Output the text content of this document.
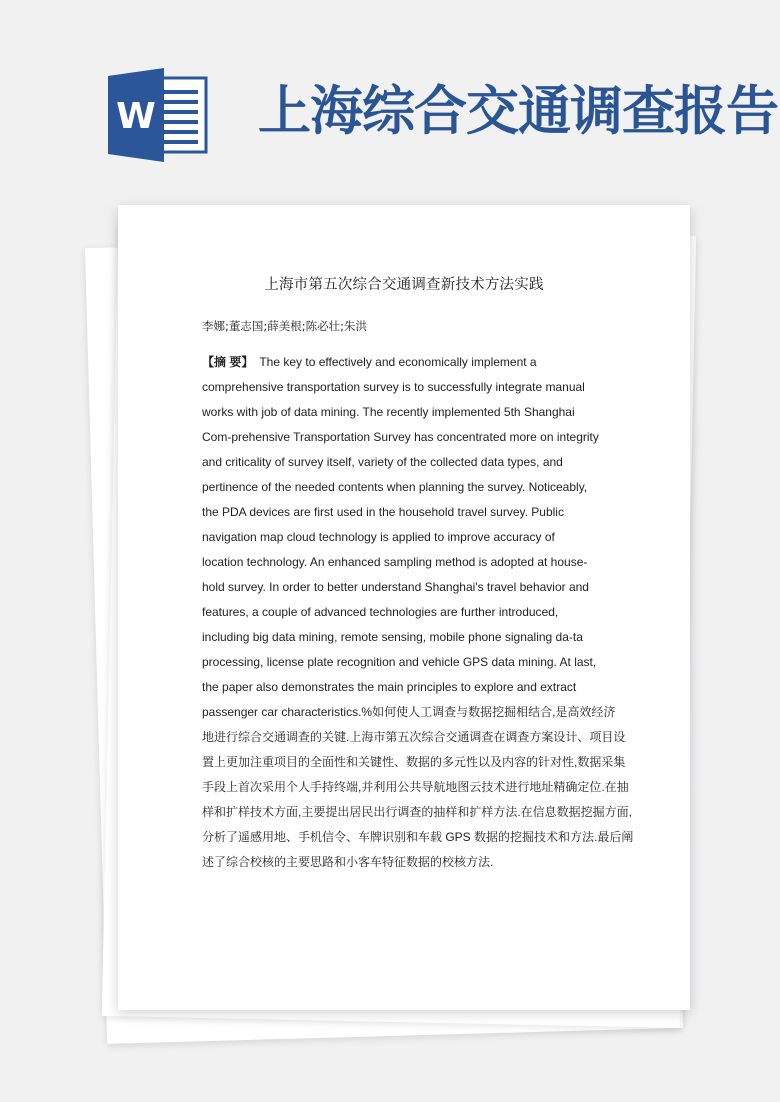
W 上海综合交通调查报告
上海市第五次综合交通调查新技术方法实践
李娜;董志国;薛美根;陈必壮;朱洪
【摘 要】 The key to effectively and economically implement a
comprehensive transportation survey is to successfully integrate manual
works with job of data mining. The recently implemented 5th Shanghai
Com-prehensive Transportation Survey has concentrated more on integrity
and criticality of survey itself, variety of the collected data types, and
pertinence of the needed contents when planning the survey. Noticeably,
the PDA devices are first used in the household travel survey. Public
navigation map cloud technology is applied to improve accuracy of
location technology. An enhanced sampling method is adopted at house-
hold survey. In order to better understand Shanghai's travel behavior and
features, a couple of advanced technologies are further introduced,
including big data mining, remote sensing, mobile phone signaling da-ta
processing, license plate recognition and vehicle GPS data mining. At last,
the paper also demonstrates the main principles to explore and extract
passenger car characteristics.%如何使人工调查与数据挖掘相结合,是高效经济
地进行综合交通调查的关键.上海市第五次综合交通调查在调查方案设计、项目设
置上更加注重项目的全面性和关键性、数据的多元性以及内容的针对性,数据采集
手段上首次采用个人手持终端,并利用公共导航地图云技术进行地址精确定位.在抽
样和扩样技术方面,主要提出居民出行调查的抽样和扩样方法.在信息数据挖掘方面,
分析了遥感用地、手机信令、车牌识别和车载 GPS 数据的挖掘技术和方法.最后阐
述了综合校核的主要思路和小客车特征数据的校核方法.
